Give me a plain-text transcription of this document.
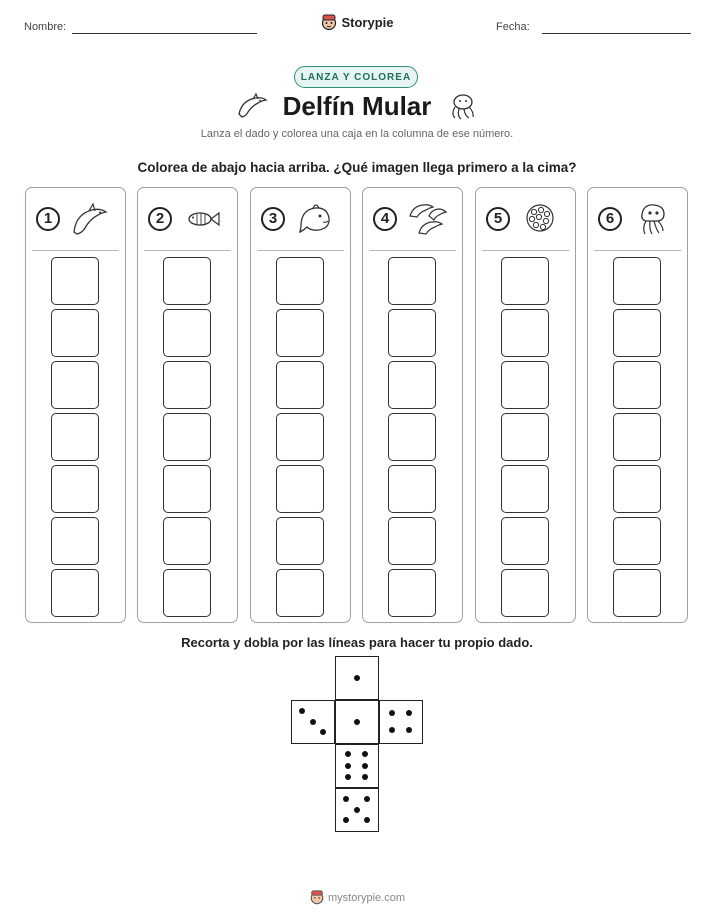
Nombre:	Storypie	Fecha:
LANZA Y COLOREA
Delfín Mular
Lanza el dado y colorea una caja en la columna de ese número.
Colorea de abajo hacia arriba. ¿Qué imagen llega primero a la cima?
1	2	3	4	5	6
Recorta y dobla por las líneas para hacer tu propio dado.
mystorypie.com
